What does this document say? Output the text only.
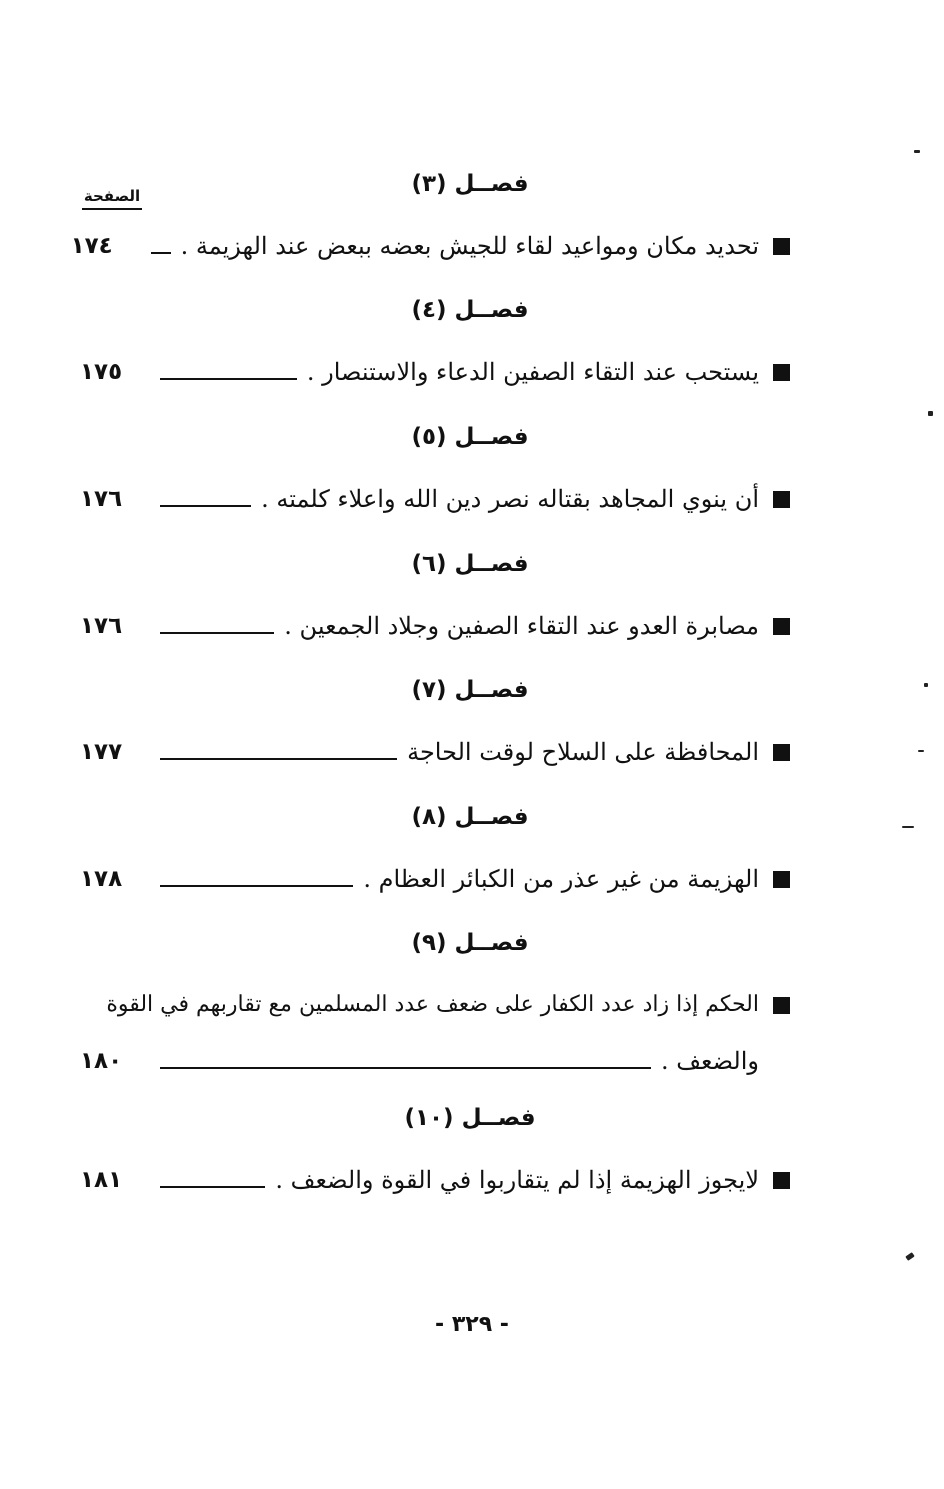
الصفحة	فصــل (٣)
تحديد مكان ومواعيد لقاء للجيش بعضه ببعض عند الهزيمة .
١٧٤
فصــل (٤)
يستحب عند التقاء الصفين الدعاء والاستنصار .
١٧٥
فصــل (٥)
أن ينوي المجاهد بقتاله نصر دين الله واعلاء كلمته .
١٧٦
فصــل (٦)
مصابرة العدو عند التقاء الصفين وجلاد الجمعين .
١٧٦
فصــل (٧)
المحافظة على السلاح لوقت الحاجة
١٧٧
فصــل (٨)
الهزيمة من غير عذر من الكبائر العظام .
١٧٨
فصــل (٩)
الحكم إذا زاد عدد الكفار على ضعف عدد المسلمين مع تقاربهم في القوة
والضعف .
١٨٠
فصــل (١٠)
لايجوز الهزيمة إذا لم يتقاربوا في القوة والضعف .
١٨١
- ٣٢٩ -
